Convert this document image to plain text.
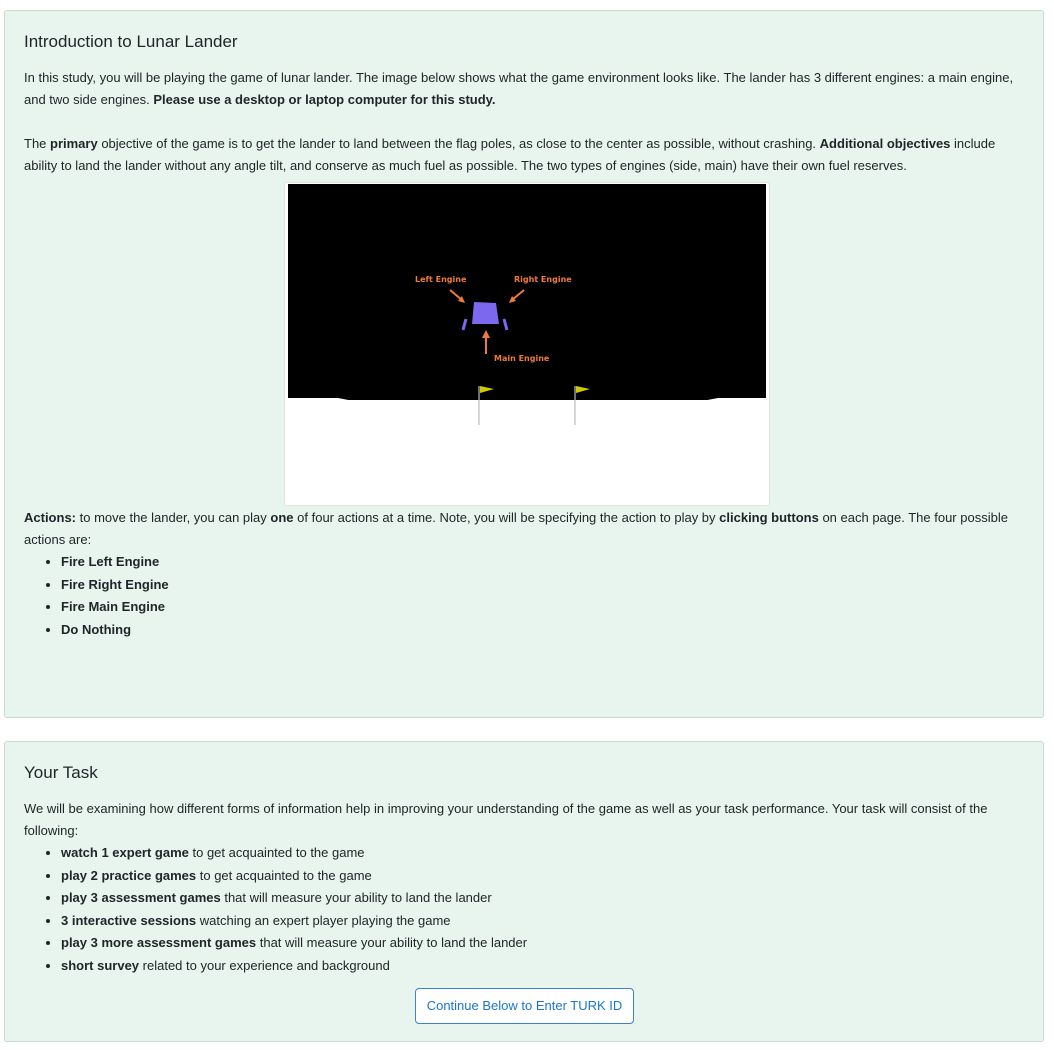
Introduction to Lunar Lander

In this study, you will be playing the game of lunar lander. The image below shows what the game environment looks like. The lander has 3 different engines: a main engine, and two side engines. Please use a desktop or laptop computer for this study.

The primary objective of the game is to get the lander to land between the flag poles, as close to the center as possible, without crashing. Additional objectives include ability to land the lander without any angle tilt, and conserve as much fuel as possible. The two types of engines (side, main) have their own fuel reserves.

Left Engine	Right Engine
Main Engine

Actions: to move the lander, you can play one of four actions at a time. Note, you will be specifying the action to play by clicking buttons on each page. The four possible actions are:

• Fire Left Engine
• Fire Right Engine
• Fire Main Engine
• Do Nothing
Your Task

We will be examining how different forms of information help in improving your understanding of the game as well as your task performance. Your task will consist of the following:

• watch 1 expert game to get acquainted to the game
• play 2 practice games to get acquainted to the game
• play 3 assessment games that will measure your ability to land the lander
• 3 interactive sessions watching an expert player playing the game
• play 3 more assessment games that will measure your ability to land the lander
• short survey related to your experience and background
Continue Below to Enter TURK ID
